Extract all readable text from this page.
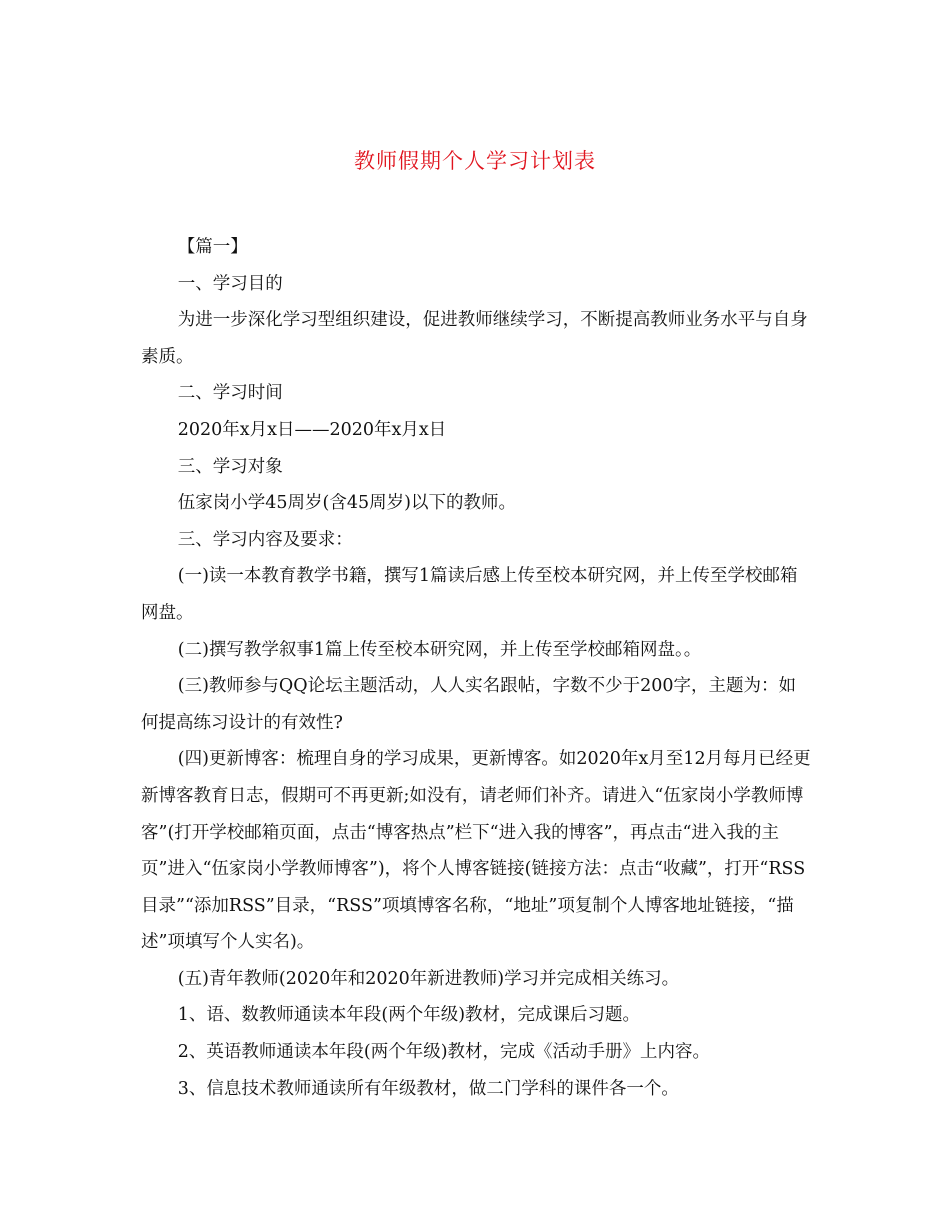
教师假期个人学习计划表

【篇一】

一、学习目的

为进一步深化学习型组织建设，促进教师继续学习，不断提高教师业务水平与自身素质。

二、学习时间

2020年x月x日——2020年x月x日

三、学习对象

伍家岗小学45周岁(含45周岁)以下的教师。

三、学习内容及要求：

(一)读一本教育教学书籍，撰写1篇读后感上传至校本研究网，并上传至学校邮箱网盘。

(二)撰写教学叙事1篇上传至校本研究网，并上传至学校邮箱网盘。。

(三)教师参与QQ论坛主题活动，人人实名跟帖，字数不少于200字，主题为：如何提高练习设计的有效性?

(四)更新博客：梳理自身的学习成果，更新博客。如2020年x月至12月每月已经更新博客教育日志，假期可不再更新;如没有，请老师们补齐。请进入“伍家岗小学教师博客”(打开学校邮箱页面，点击“博客热点”栏下“进入我的博客”，再点击“进入我的主页”进入“伍家岗小学教师博客”)，将个人博客链接(链接方法：点击“收藏”，打开“RSS目录”“添加RSS”目录，“RSS”项填博客名称，“地址”项复制个人博客地址链接，“描述”项填写个人实名)。

(五)青年教师(2020年和2020年新进教师)学习并完成相关练习。

1、语、数教师通读本年段(两个年级)教材，完成课后习题。

2、英语教师通读本年段(两个年级)教材，完成《活动手册》上内容。

3、信息技术教师通读所有年级教材，做二门学科的课件各一个。
